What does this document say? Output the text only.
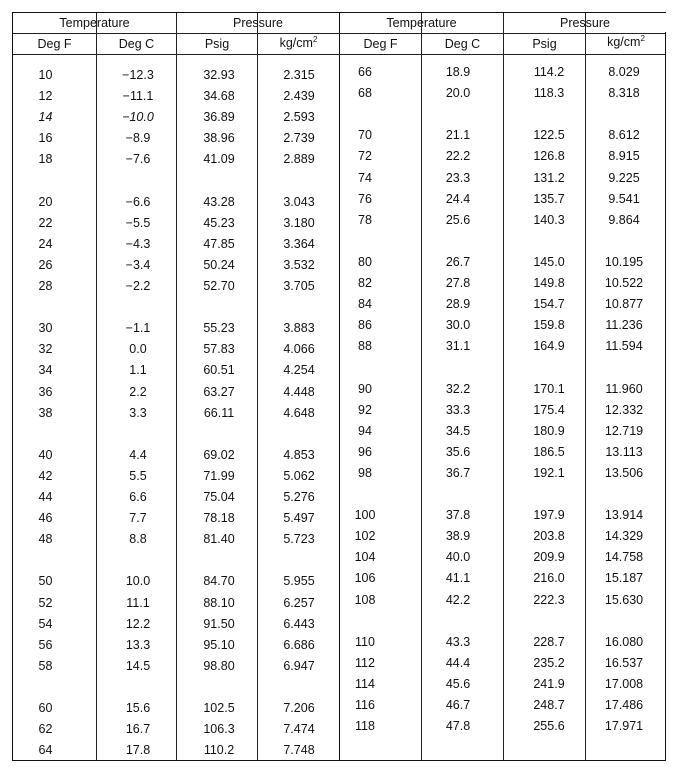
Temperature	Pressure	Temperature	Pressure
Deg F	Deg C	Psig	$kg/cm^2$	Deg F	Deg C	Psig	$kg/cm^2$
10	−12.3	32.93	2.315
12	−11.1	34.68	2.439
14	−10.0	36.89	2.593
16	−8.9	38.96	2.739
18	−7.6	41.09	2.889
20	−6.6	43.28	3.043
22	−5.5	45.23	3.180
24	−4.3	47.85	3.364
26	−3.4	50.24	3.532
28	−2.2	52.70	3.705
30	−1.1	55.23	3.883
32	0.0	57.83	4.066
34	1.1	60.51	4.254
36	2.2	63.27	4.448
38	3.3	66.11	4.648
40	4.4	69.02	4.853
42	5.5	71.99	5.062
44	6.6	75.04	5.276
46	7.7	78.18	5.497
48	8.8	81.40	5.723
50	10.0	84.70	5.955
52	11.1	88.10	6.257
54	12.2	91.50	6.443
56	13.3	95.10	6.686
58	14.5	98.80	6.947
60	15.6	102.5	7.206
62	16.7	106.3	7.474
64	17.8	110.2	7.748
66	18.9	114.2	8.029
68	20.0	118.3	8.318
70	21.1	122.5	8.612
72	22.2	126.8	8.915
74	23.3	131.2	9.225
76	24.4	135.7	9.541
78	25.6	140.3	9.864
80	26.7	145.0	10.195
82	27.8	149.8	10.522
84	28.9	154.7	10.877
86	30.0	159.8	11.236
88	31.1	164.9	11.594
90	32.2	170.1	11.960
92	33.3	175.4	12.332
94	34.5	180.9	12.719
96	35.6	186.5	13.113
98	36.7	192.1	13.506
100	37.8	197.9	13.914
102	38.9	203.8	14.329
104	40.0	209.9	14.758
106	41.1	216.0	15.187
108	42.2	222.3	15.630
110	43.3	228.7	16.080
112	44.4	235.2	16.537
114	45.6	241.9	17.008
116	46.7	248.7	17.486
118	47.8	255.6	17.971
